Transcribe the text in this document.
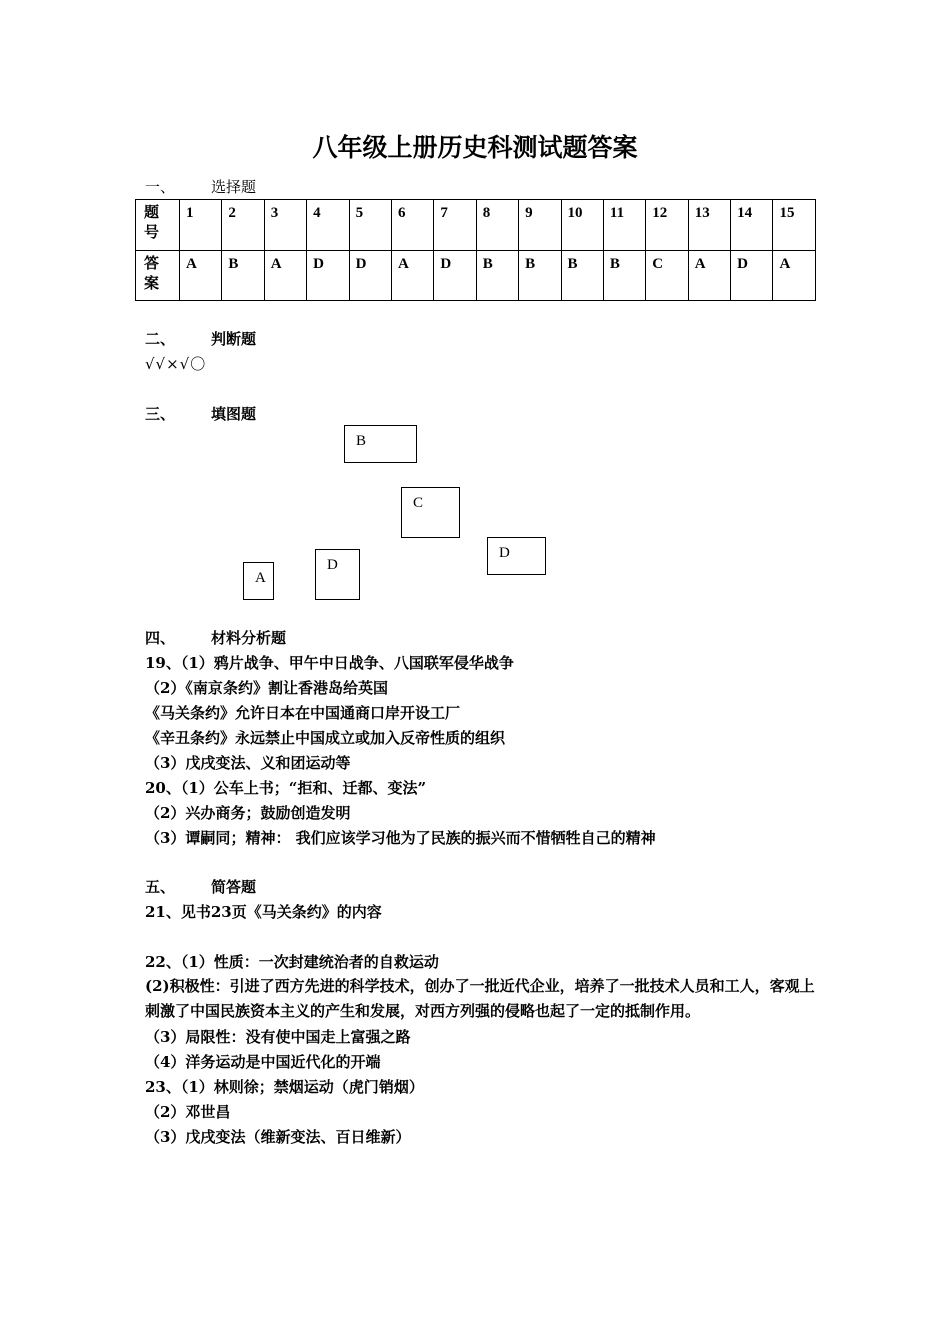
八年级上册历史科测试题答案
一、 选择题
题号	1	2	3	4	5	6	7	8	9	10	11	12	13	14	15
答案	A	B	A	D	D	A	D	B	B	B	B	C	A	D	A
二、 判断题
√√×√〇
三、 填图题
B
C
D
D
A
四、 材料分析题
19、（1）鸦片战争、甲午中日战争、八国联军侵华战争
（2）《南京条约》割让香港岛给英国
《马关条约》允许日本在中国通商口岸开设工厂
《辛丑条约》永远禁止中国成立或加入反帝性质的组织
（3）戊戌变法、义和团运动等
20、（1）公车上书；“拒和、迁都、变法”
（2）兴办商务；鼓励创造发明
（3）谭嗣同；精神： 我们应该学习他为了民族的振兴而不惜牺牲自己的精神
五、 简答题
21、见书23页《马关条约》的内容
22、（1）性质：一次封建统治者的自救运动
(2)积极性：引进了西方先进的科学技术，创办了一批近代企业，培养了一批技术人员和工人，客观上刺激了中国民族资本主义的产生和发展，对西方列强的侵略也起了一定的抵制作用。
（3）局限性：没有使中国走上富强之路
（4）洋务运动是中国近代化的开端
23、（1）林则徐；禁烟运动（虎门销烟）
（2）邓世昌
（3）戊戌变法（维新变法、百日维新）
